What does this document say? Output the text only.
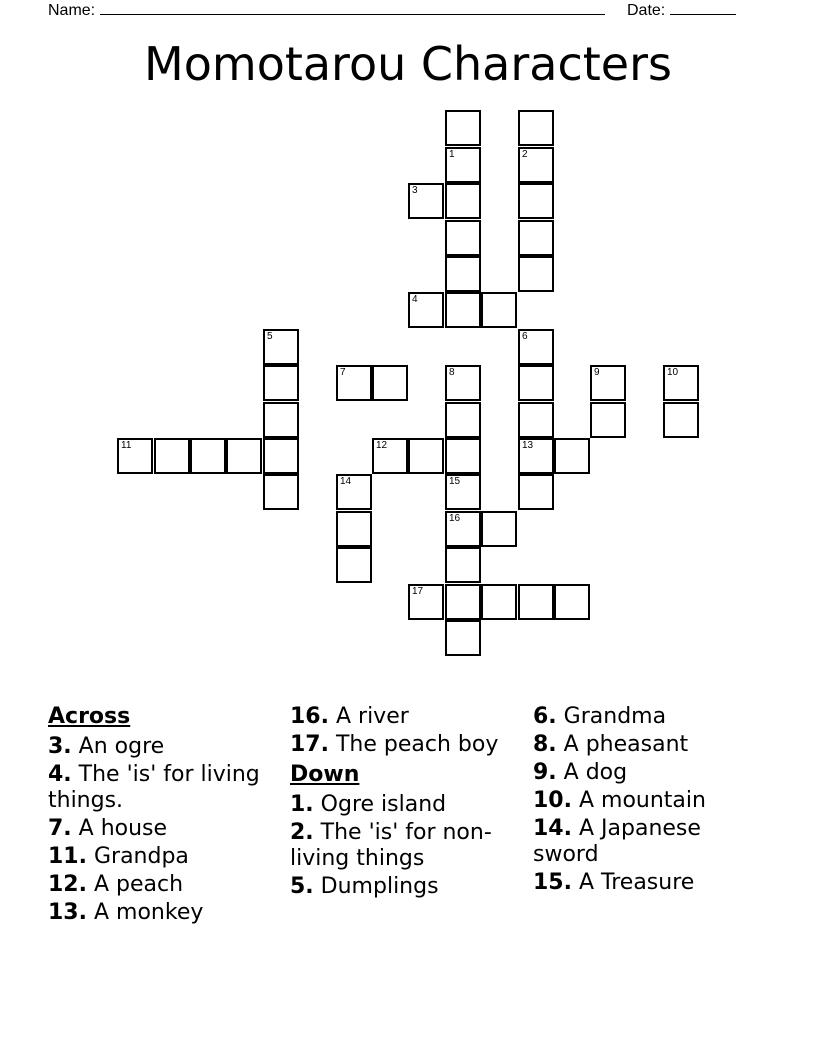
Name:	Date:
Momotarou Characters
1	2
3
4
5	6
7	8	9	10
11	12	13
14	15
16
17
Across
3. An ogre
4. The 'is' for living things.
7. A house
11. Grandpa
12. A peach
13. A monkey
16. A river
17. The peach boy
Down
1. Ogre island
2. The 'is' for non-living things
5. Dumplings
6. Grandma
8. A pheasant
9. A dog
10. A mountain
14. A Japanese sword
15. A Treasure
